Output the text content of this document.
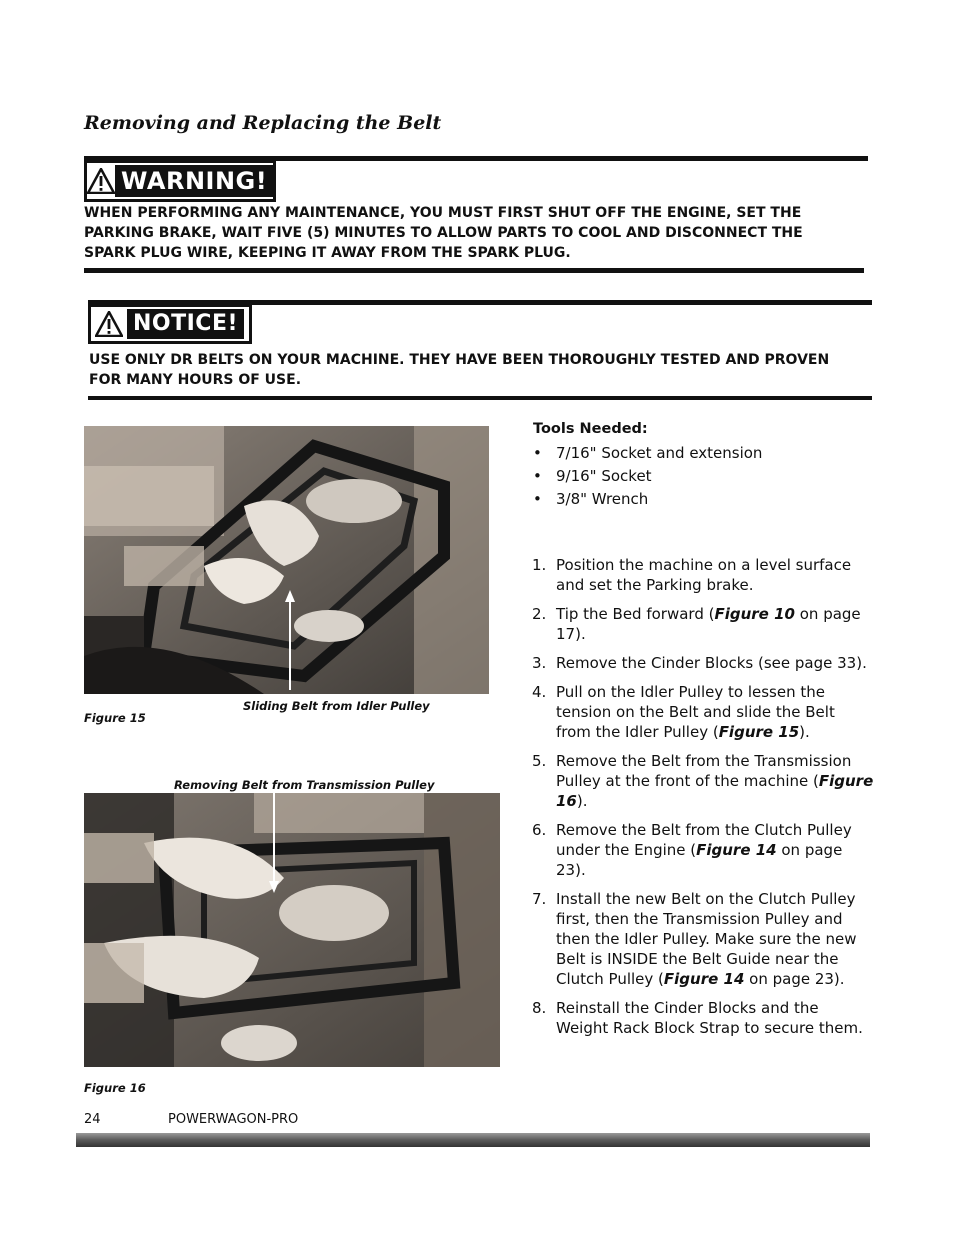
Removing and Replacing the Belt
WARNING!
WHEN PERFORMING ANY MAINTENANCE, YOU MUST FIRST SHUT OFF THE ENGINE, SET THE PARKING BRAKE, WAIT FIVE (5) MINUTES TO ALLOW PARTS TO COOL AND DISCONNECT THE SPARK PLUG WIRE, KEEPING IT AWAY FROM THE SPARK PLUG.
NOTICE!
USE ONLY DR BELTS ON YOUR MACHINE. THEY HAVE BEEN THOROUGHLY TESTED AND PROVEN FOR MANY HOURS OF USE.
Sliding Belt from Idler Pulley
Figure 15
Removing Belt from Transmission Pulley
Figure 16
Tools Needed:
• 7/16" Socket and extension
• 9/16" Socket
• 3/8" Wrench
1. Position the machine on a level surface and set the Parking brake.
2. Tip the Bed forward (Figure 10 on page 17).
3. Remove the Cinder Blocks (see page 33).
4. Pull on the Idler Pulley to lessen the tension on the Belt and slide the Belt from the Idler Pulley (Figure 15).
5. Remove the Belt from the Transmission Pulley at the front of the machine (Figure 16).
6. Remove the Belt from the Clutch Pulley under the Engine (Figure 14 on page 23).
7. Install the new Belt on the Clutch Pulley first, then the Transmission Pulley and then the Idler Pulley. Make sure the new Belt is INSIDE the Belt Guide near the Clutch Pulley (Figure 14 on page 23).
8. Reinstall the Cinder Blocks and the Weight Rack Block Strap to secure them.
24	POWERWAGON-PRO
